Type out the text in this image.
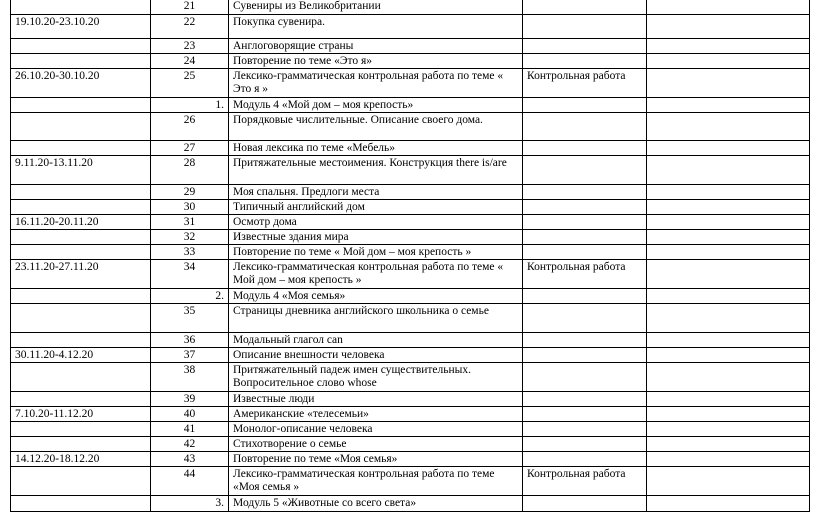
	21	Сувениры из Великобритании		
19.10.20-23.10.20	22	Покупка сувенира.		
	23	Англоговорящие страны		
	24	Повторение по теме «Это я»		
26.10.20-30.10.20	25	Лексико-грамматическая контрольная работа по теме « Это я »	Контрольная работа	
	1.	Модуль 4 «Мой дом – моя крепость»		
	26	Порядковые числительные. Описание своего дома.		
	27	Новая лексика по теме «Мебель»		
9.11.20-13.11.20	28	Притяжательные местоимения. Конструкция there is/are		
	29	Моя спальня. Предлоги места		
	30	Типичный английский дом		
16.11.20-20.11.20	31	Осмотр дома		
	32	Известные здания мира		
	33	Повторение по теме « Мой дом – моя крепость »		
23.11.20-27.11.20	34	Лексико-грамматическая контрольная работа по теме « Мой дом – моя крепость »	Контрольная работа	
	2.	Модуль 4 «Моя семья»		
	35	Страницы дневника английского школьника о семье		
	36	Модальный глагол can		
30.11.20-4.12.20	37	Описание внешности человека		
	38	Притяжательный падеж имен существительных. Вопросительное слово whose		
	39	Известные люди		
7.10.20-11.12.20	40	Американские «телесемьи»		
	41	Монолог-описание человека		
	42	Стихотворение о семье		
14.12.20-18.12.20	43	Повторение по теме «Моя семья»		
	44	Лексико-грамматическая контрольная работа по теме «Моя семья »	Контрольная работа	
	3.	Модуль 5 «Животные со всего света»		
